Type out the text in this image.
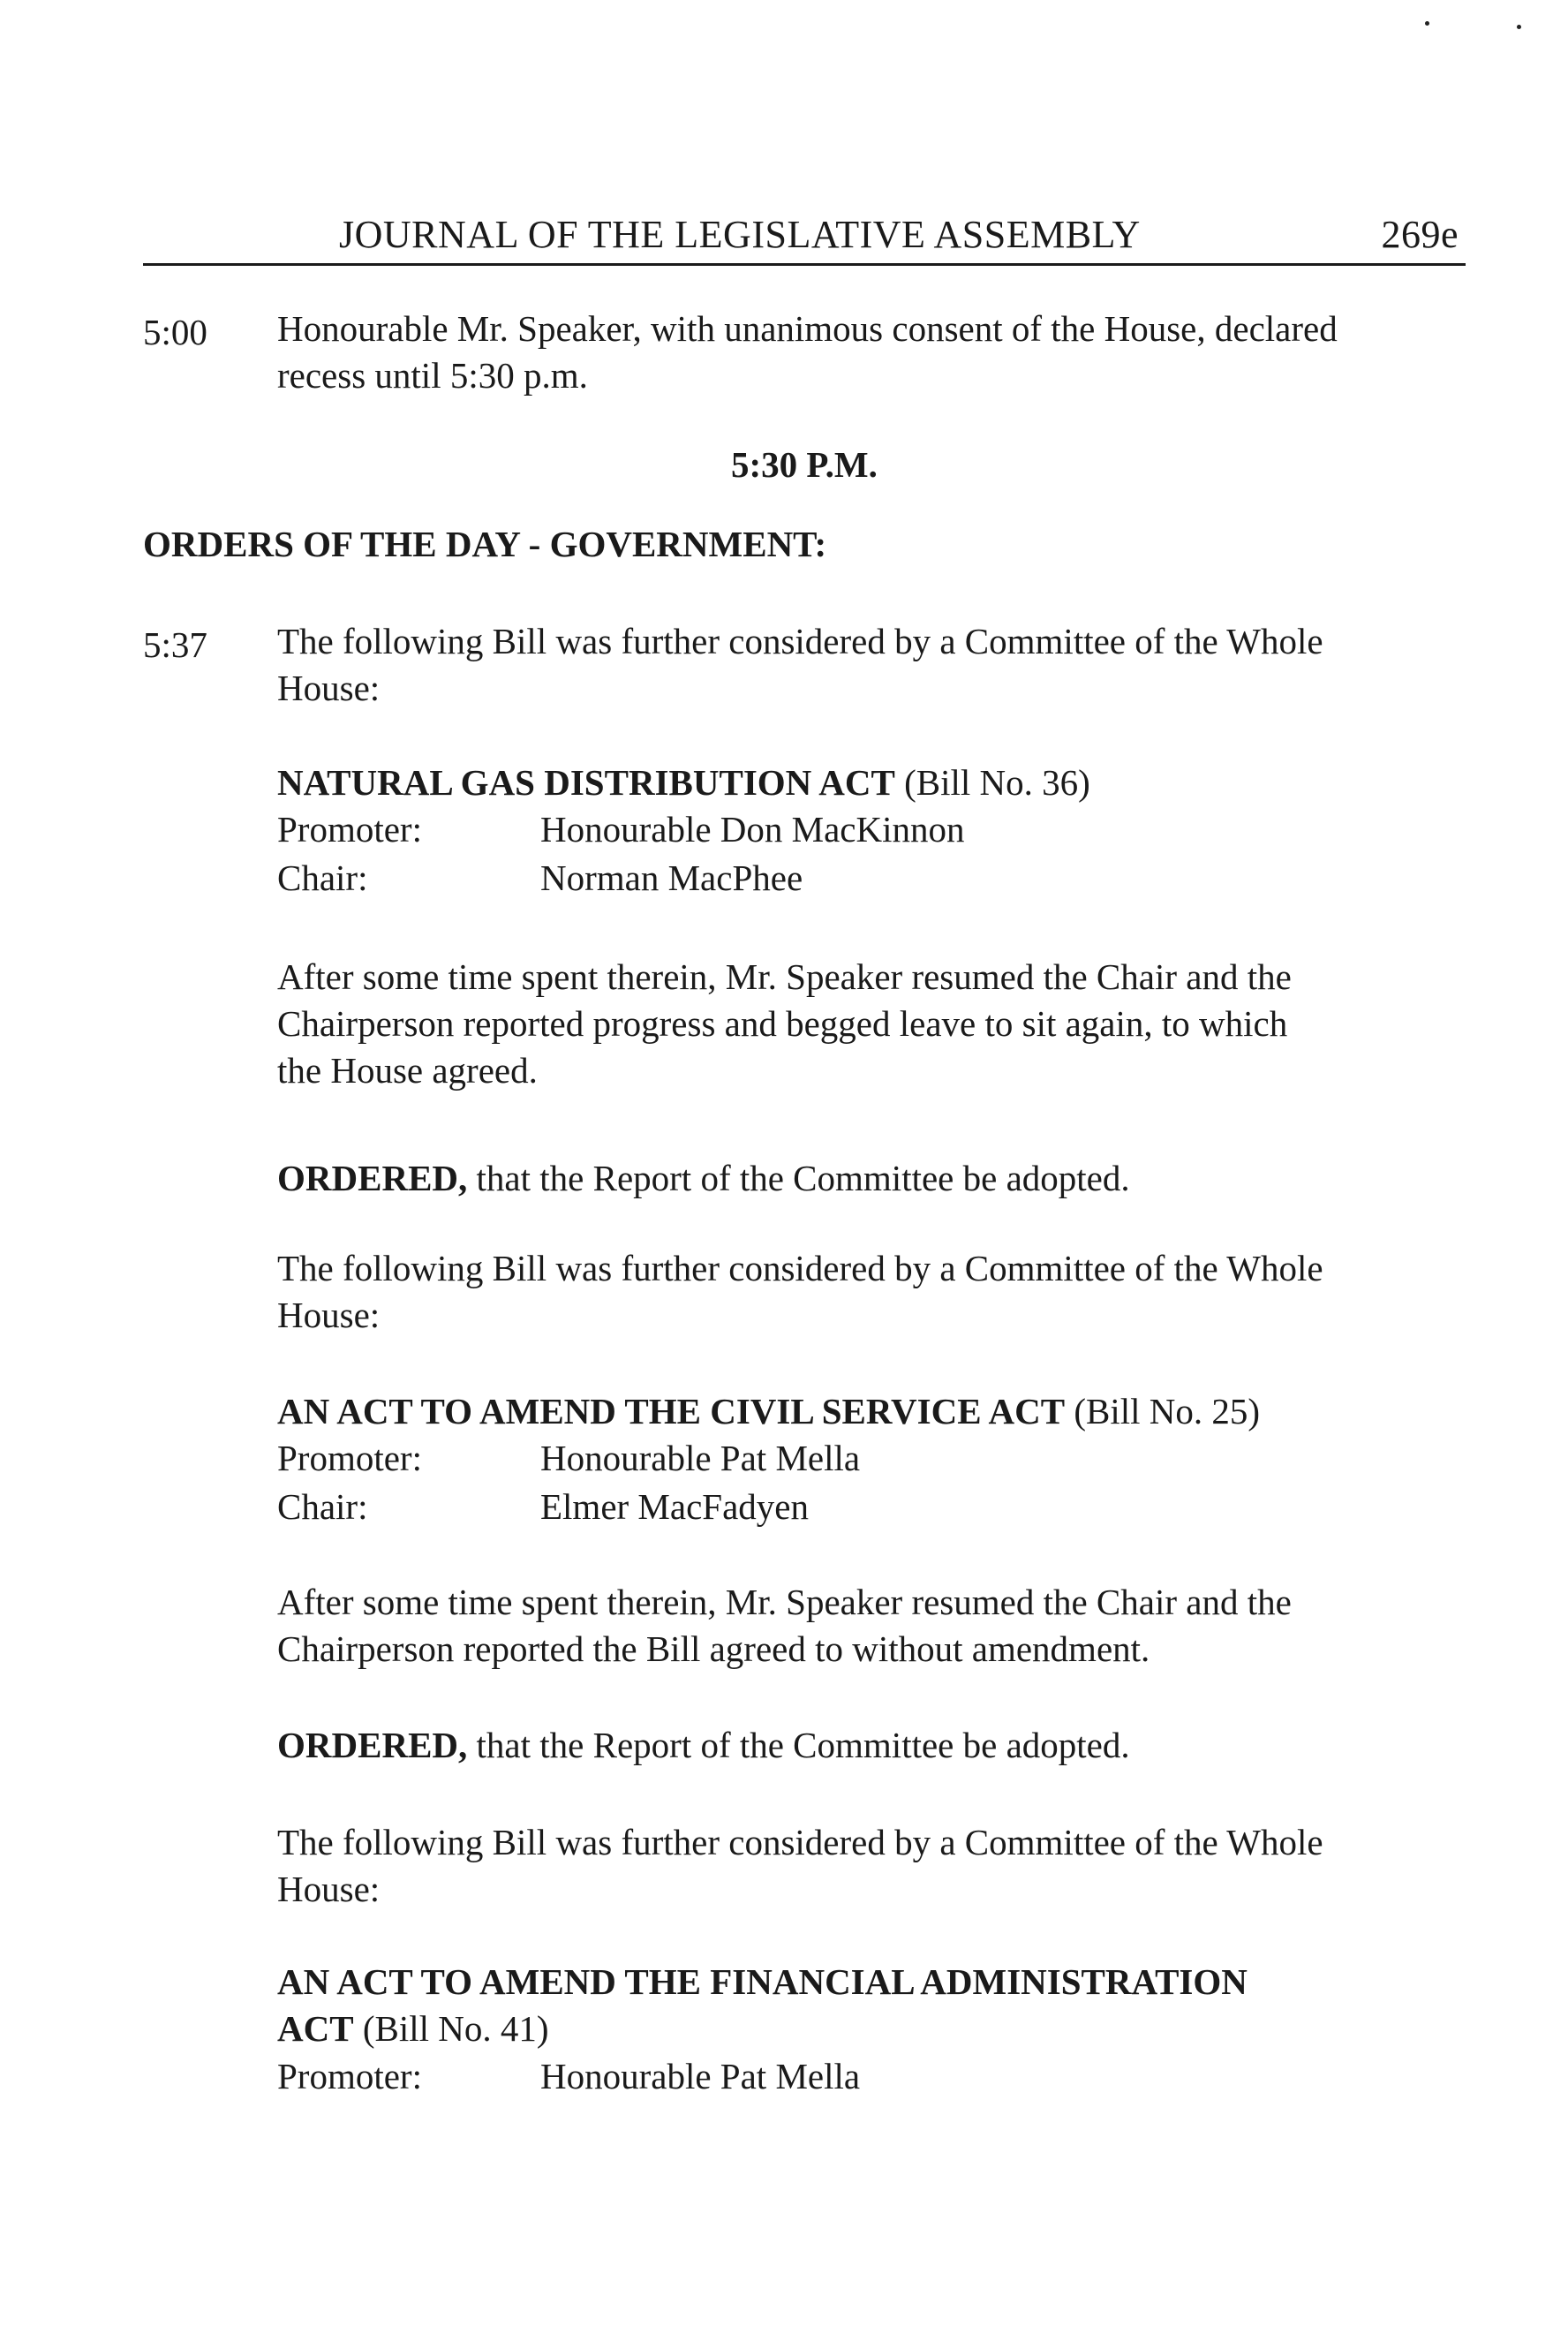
JOURNAL OF THE LEGISLATIVE ASSEMBLY	269e
5:00 Honourable Mr. Speaker, with unanimous consent of the House, declared
recess until 5:30 p.m.
5:30 P.M.
ORDERS OF THE DAY - GOVERNMENT:
5:37 The following Bill was further considered by a Committee of the Whole
House:
NATURAL GAS DISTRIBUTION ACT (Bill No. 36)
Promoter:	Honourable Don MacKinnon
Chair:	Norman MacPhee
After some time spent therein, Mr. Speaker resumed the Chair and the
Chairperson reported progress and begged leave to sit again, to which
the House agreed.
ORDERED, that the Report of the Committee be adopted.
The following Bill was further considered by a Committee of the Whole
House:
AN ACT TO AMEND THE CIVIL SERVICE ACT (Bill No. 25)
Promoter:	Honourable Pat Mella
Chair:	Elmer MacFadyen
After some time spent therein, Mr. Speaker resumed the Chair and the
Chairperson reported the Bill agreed to without amendment.
ORDERED, that the Report of the Committee be adopted.
The following Bill was further considered by a Committee of the Whole
House:
AN ACT TO AMEND THE FINANCIAL ADMINISTRATION
ACT (Bill No. 41)
Promoter:	Honourable Pat Mella
